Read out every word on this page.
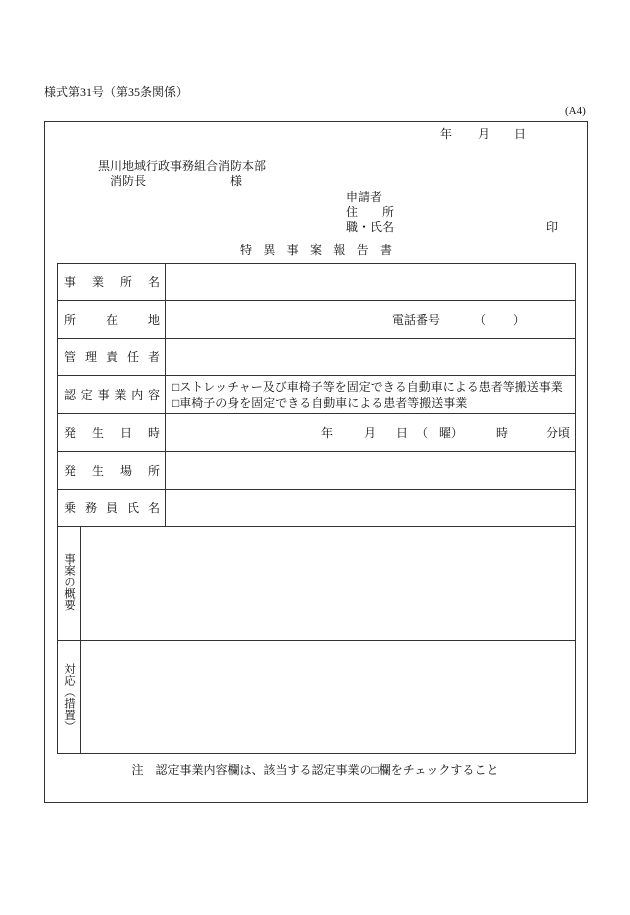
様式第31号（第35条関係）
(A4)
年 月 日
黒川地域行政事務組合消防本部
消防長	様
申請者
住　　所
職・氏名	印
特異事案報告書
事業所名
所在地	電話番号	（ ）
管理責任者
認定事業内容
□ストレッチャー及び車椅子等を固定できる自動車による患者等搬送事業
□車椅子の身を固定できる自動車による患者等搬送事業
発生日時	年	月 日 （ 曜）	時	分頃
発生場所
乗務員氏名
事案の概要
対応（措置）
注　認定事業内容欄は、該当する認定事業の□欄をチェックすること
